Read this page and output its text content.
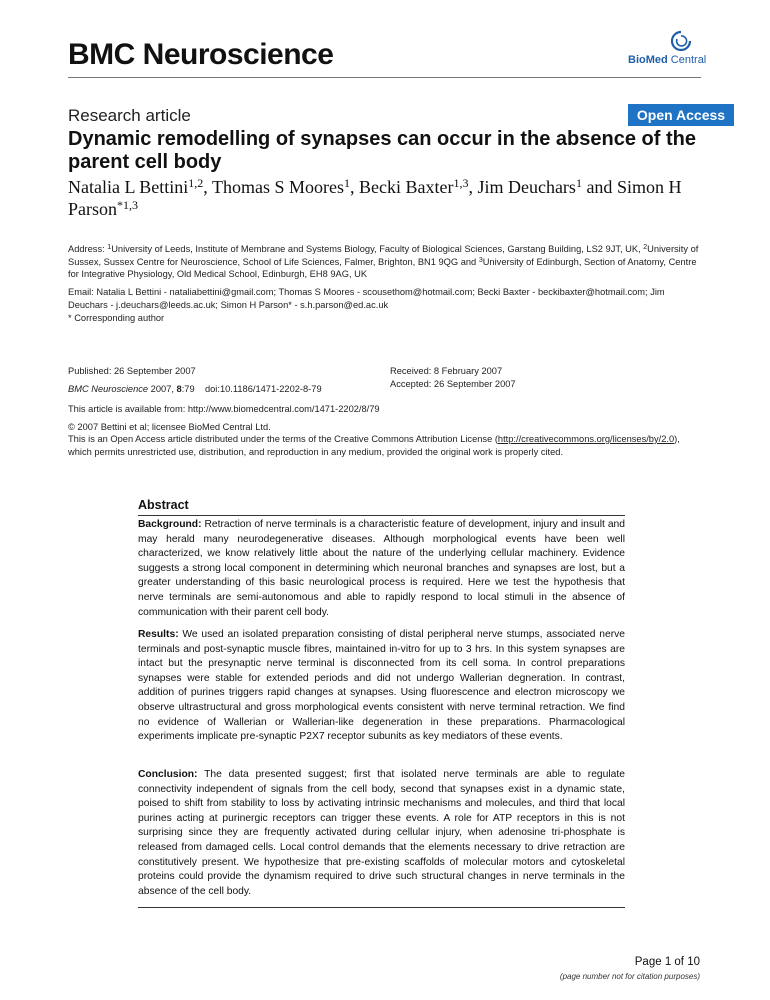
BMC Neuroscience	BioMed Central
Research article	Open Access
Dynamic remodelling of synapses can occur in the absence of the parent cell body
Natalia L Bettini$^{1,2}$, Thomas S Moores$^1$, Becki Baxter$^{1,3}$, Jim Deuchars$^1$ and Simon H Parson$^{*1,3}$
Address: $^1$University of Leeds, Institute of Membrane and Systems Biology, Faculty of Biological Sciences, Garstang Building, LS2 9JT, UK, $^2$University of Sussex, Sussex Centre for Neuroscience, School of Life Sciences, Falmer, Brighton, BN1 9QG and $^3$University of Edinburgh, Section of Anatomy, Centre for Integrative Physiology, Old Medical School, Edinburgh, EH8 9AG, UK
Email: Natalia L Bettini - nataliabettini@gmail.com; Thomas S Moores - scousethom@hotmail.com; Becki Baxter - beckibaxter@hotmail.com; Jim Deuchars - j.deuchars@leeds.ac.uk; Simon H Parson* - s.h.parson@ed.ac.uk
* Corresponding author
Published: 26 September 2007
BMC Neuroscience 2007, 8:79    doi:10.1186/1471-2202-8-79
Received: 8 February 2007
Accepted: 26 September 2007
This article is available from: http://www.biomedcentral.com/1471-2202/8/79
© 2007 Bettini et al; licensee BioMed Central Ltd.
This is an Open Access article distributed under the terms of the Creative Commons Attribution License (http://creativecommons.org/licenses/by/2.0), which permits unrestricted use, distribution, and reproduction in any medium, provided the original work is properly cited.
Abstract
Background: Retraction of nerve terminals is a characteristic feature of development, injury and insult and may herald many neurodegenerative diseases. Although morphological events have been well characterized, we know relatively little about the nature of the underlying cellular machinery. Evidence suggests a strong local component in determining which neuronal branches and synapses are lost, but a greater understanding of this basic neurological process is required. Here we test the hypothesis that nerve terminals are semi-autonomous and able to rapidly respond to local stimuli in the absence of communication with their parent cell body.
Results: We used an isolated preparation consisting of distal peripheral nerve stumps, associated nerve terminals and post-synaptic muscle fibres, maintained in-vitro for up to 3 hrs. In this system synapses are intact but the presynaptic nerve terminal is disconnected from its cell soma. In control preparations synapses were stable for extended periods and did not undergo Wallerian degneration. In contrast, addition of purines triggers rapid changes at synapses. Using fluorescence and electron microscopy we observe ultrastructural and gross morphological events consistent with nerve terminal retraction. We find no evidence of Wallerian or Wallerian-like degeneration in these preparations. Pharmacological experiments implicate pre-synaptic P2X7 receptor subunits as key mediators of these events.
Conclusion: The data presented suggest; first that isolated nerve terminals are able to regulate connectivity independent of signals from the cell body, second that synapses exist in a dynamic state, poised to shift from stability to loss by activating intrinsic mechanisms and molecules, and third that local purines acting at purinergic receptors can trigger these events. A role for ATP receptors in this is not surprising since they are frequently activated during cellular injury, when adenosine tri-phosphate is released from damaged cells. Local control demands that the elements necessary to drive retraction are constitutively present. We hypothesize that pre-existing scaffolds of molecular motors and cytoskeletal proteins could provide the dynamism required to drive such structural changes in nerve terminals in the absence of the cell body.
Page 1 of 10
(page number not for citation purposes)
